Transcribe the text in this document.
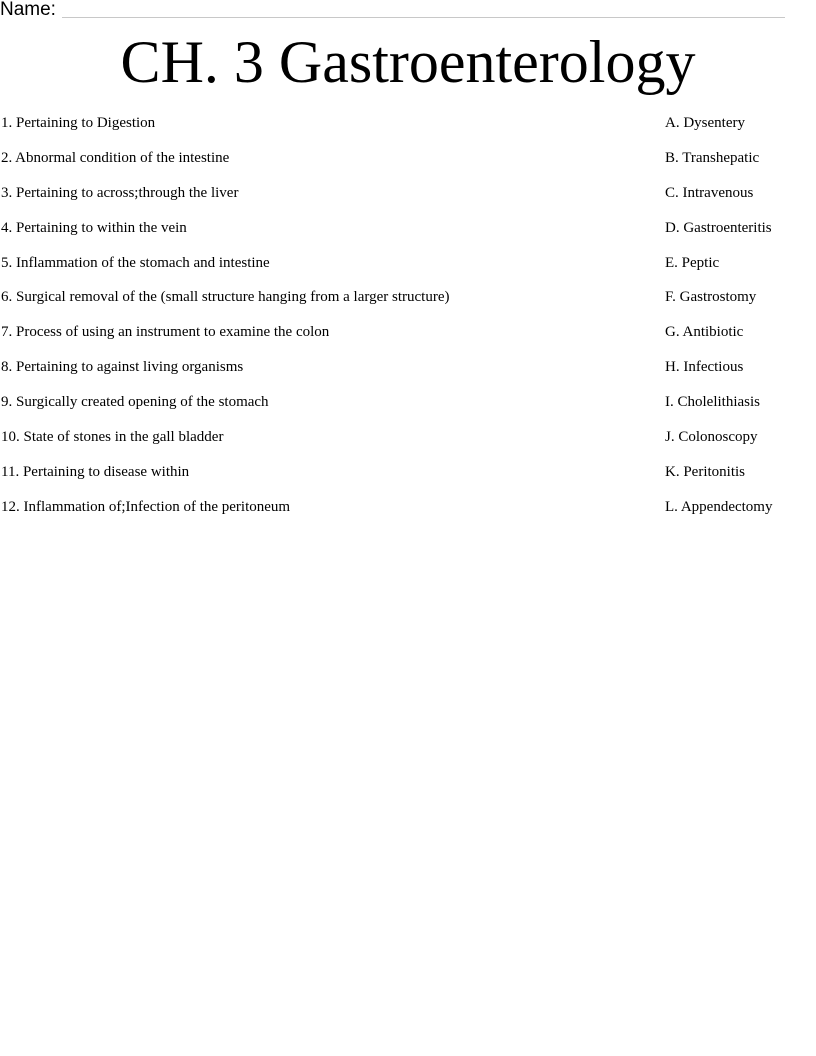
Name:
CH. 3 Gastroenterology
1. Pertaining to Digestion	A. Dysentery
2. Abnormal condition of the intestine	B. Transhepatic
3. Pertaining to across;through the liver	C. Intravenous
4. Pertaining to within the vein	D. Gastroenteritis
5. Inflammation of the stomach and intestine	E. Peptic
6. Surgical removal of the (small structure hanging from a larger structure)	F. Gastrostomy
7. Process of using an instrument to examine the colon	G. Antibiotic
8. Pertaining to against living organisms	H. Infectious
9. Surgically created opening of the stomach	I. Cholelithiasis
10. State of stones in the gall bladder	J. Colonoscopy
11. Pertaining to disease within	K. Peritonitis
12. Inflammation of;Infection of the peritoneum	L. Appendectomy
